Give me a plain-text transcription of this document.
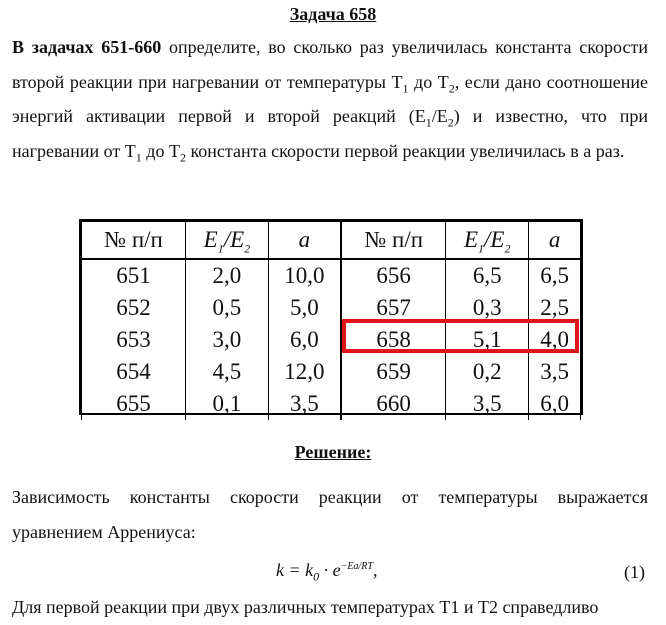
Задача 658
В задачах 651-660 определите, во сколько раз увеличилась константа скорости второй реакции при нагревании от температуры $T_1$ до $T_2$, если дано соотношение энергий активации первой и второй реакций $(E_1/E_2)$ и известно, что при нагревании от $T_1$ до $T_2$ константа скорости первой реакции увеличилась в a раз.
№ п/п	$E_1/E_2$	a	№ п/п	$E_1/E_2$	a
651	2,0	10,0	656	6,5	6,5
652	0,5	5,0	657	0,3	2,5
653	3,0	6,0	658	5,1	4,0
654	4,5	12,0	659	0,2	3,5
655	0,1	3,5	660	3,5	6,0
Решение:
Зависимость константы скорости реакции от температуры выражается уравнением Аррениуса:
$k = k_0 \cdot e^{-Ea/RT}$,	(1)
Для первой реакции при двух различных температурах T1 и T2 справедливо
